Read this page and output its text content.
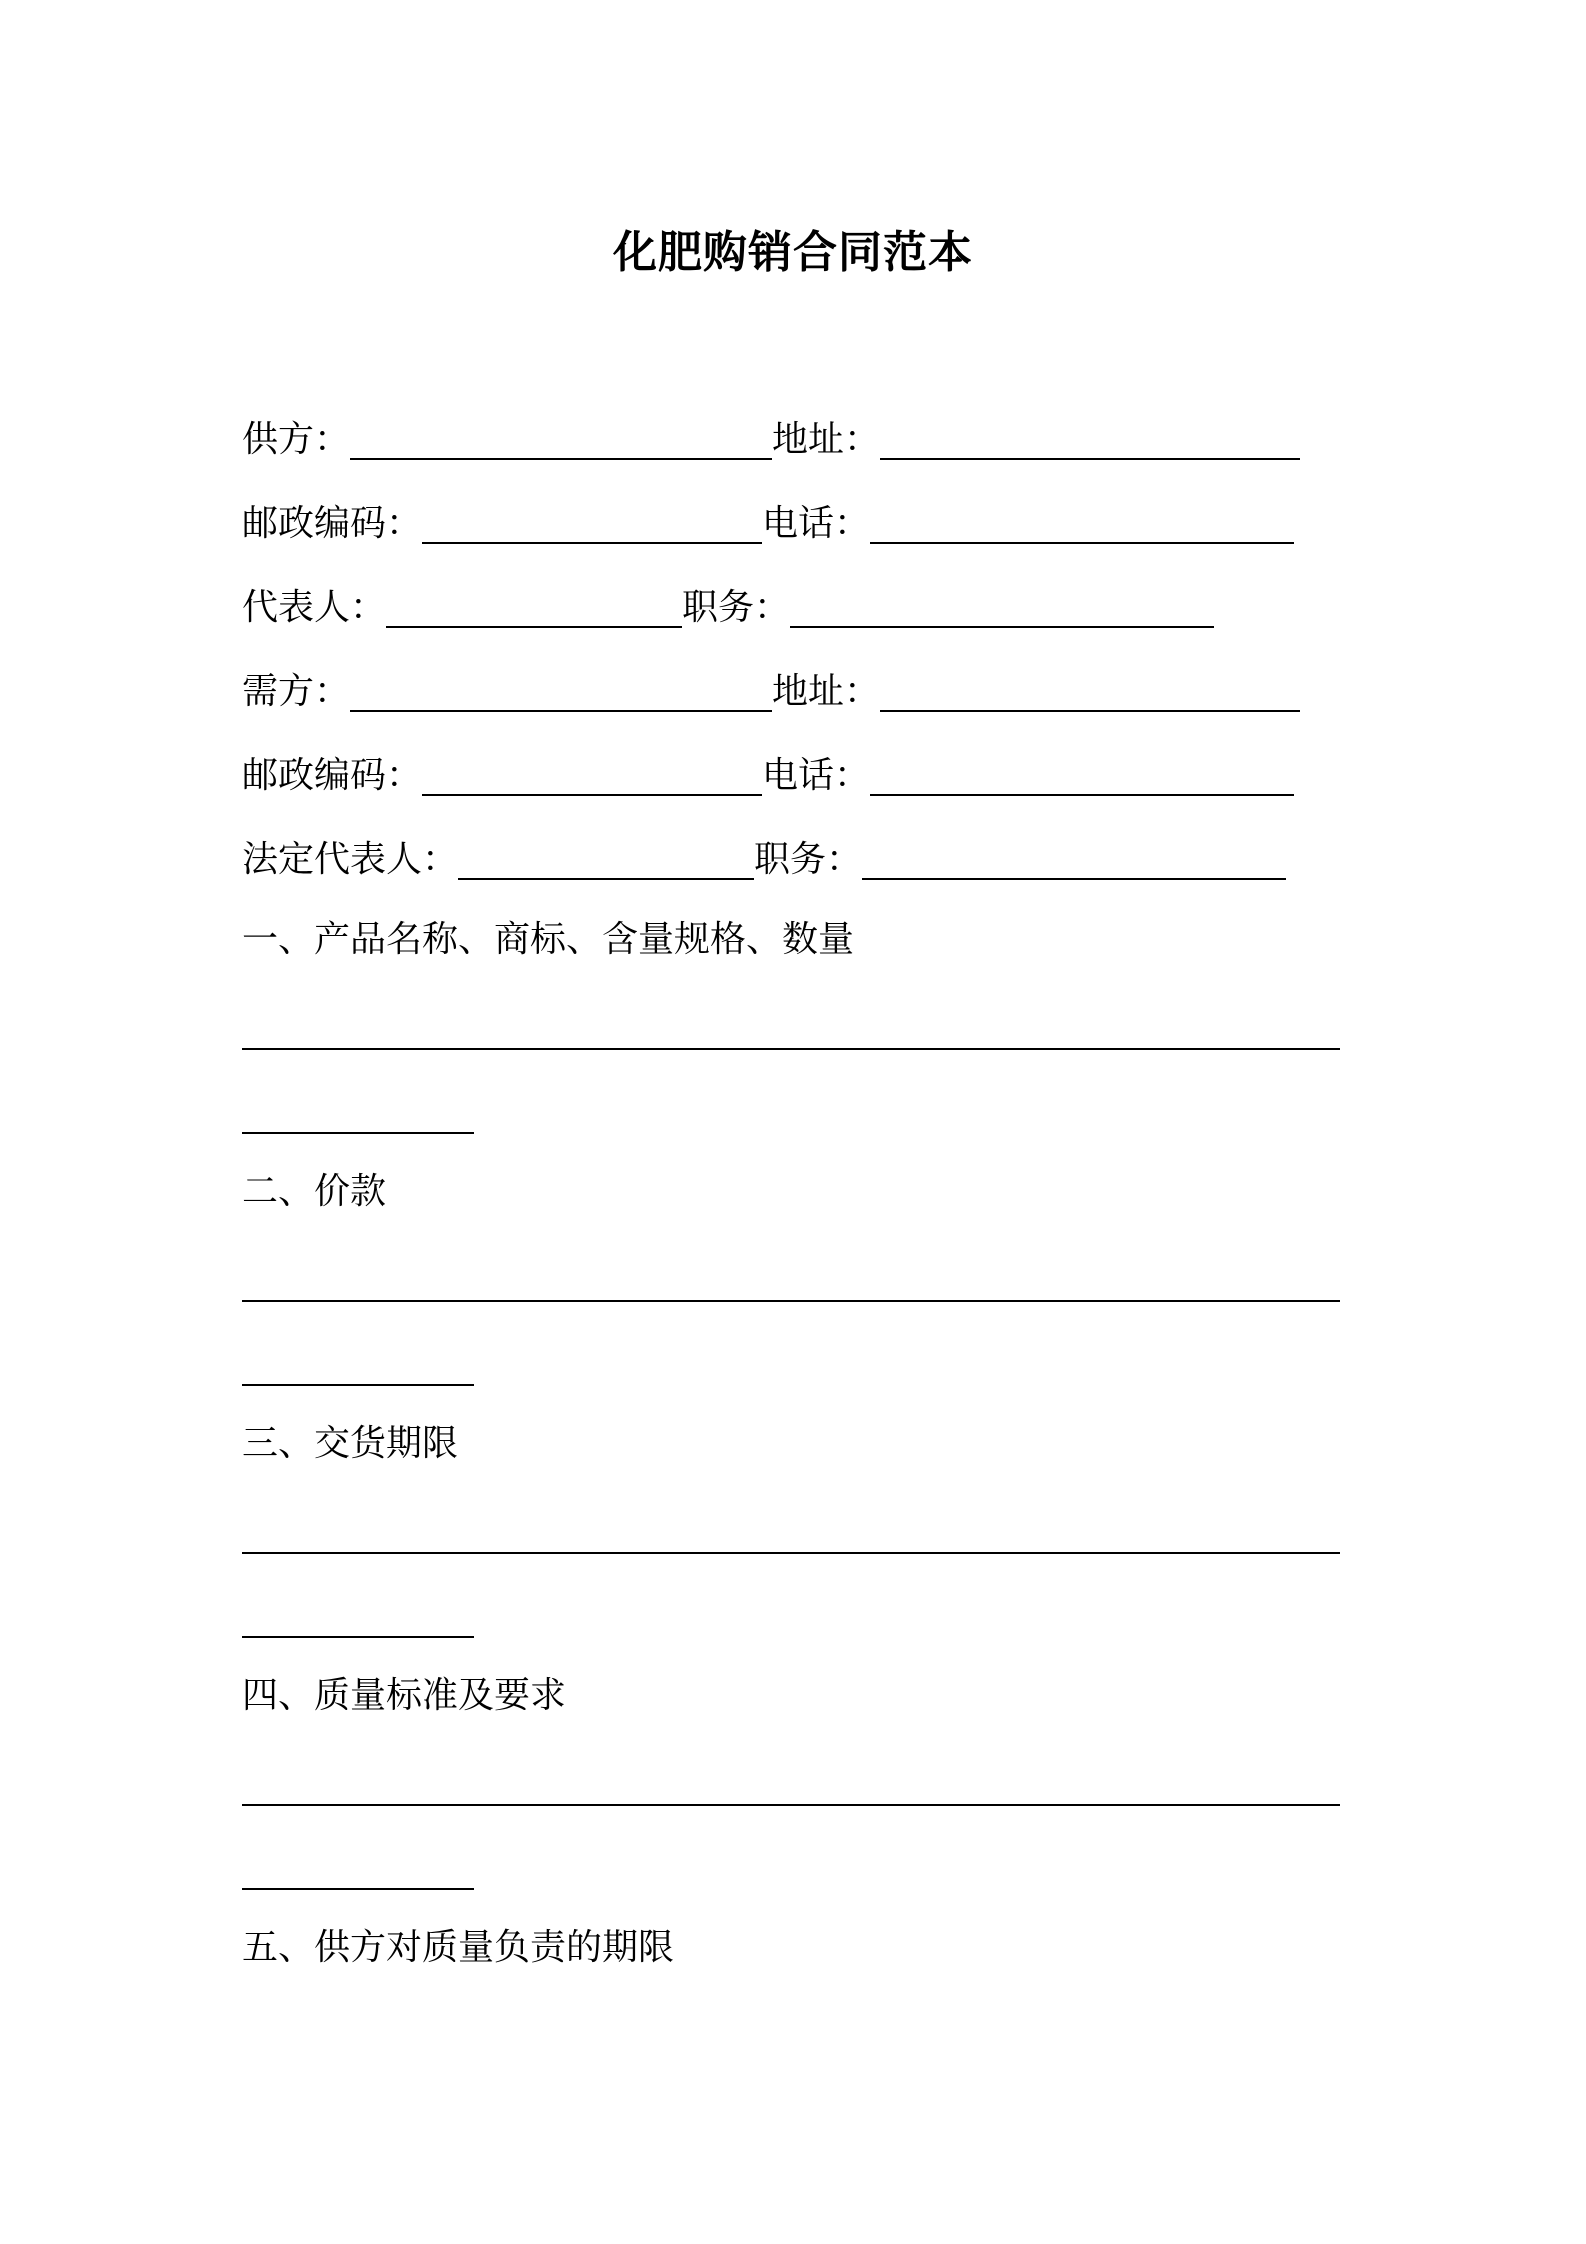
化肥购销合同范本
供方：	地址：
邮政编码：	电话：
代表人：	职务：
需方：	地址：
邮政编码：	电话：
法定代表人：	职务：
一、产品名称、商标、含量规格、数量
二、价款
三、交货期限
四、质量标准及要求
五、供方对质量负责的期限
